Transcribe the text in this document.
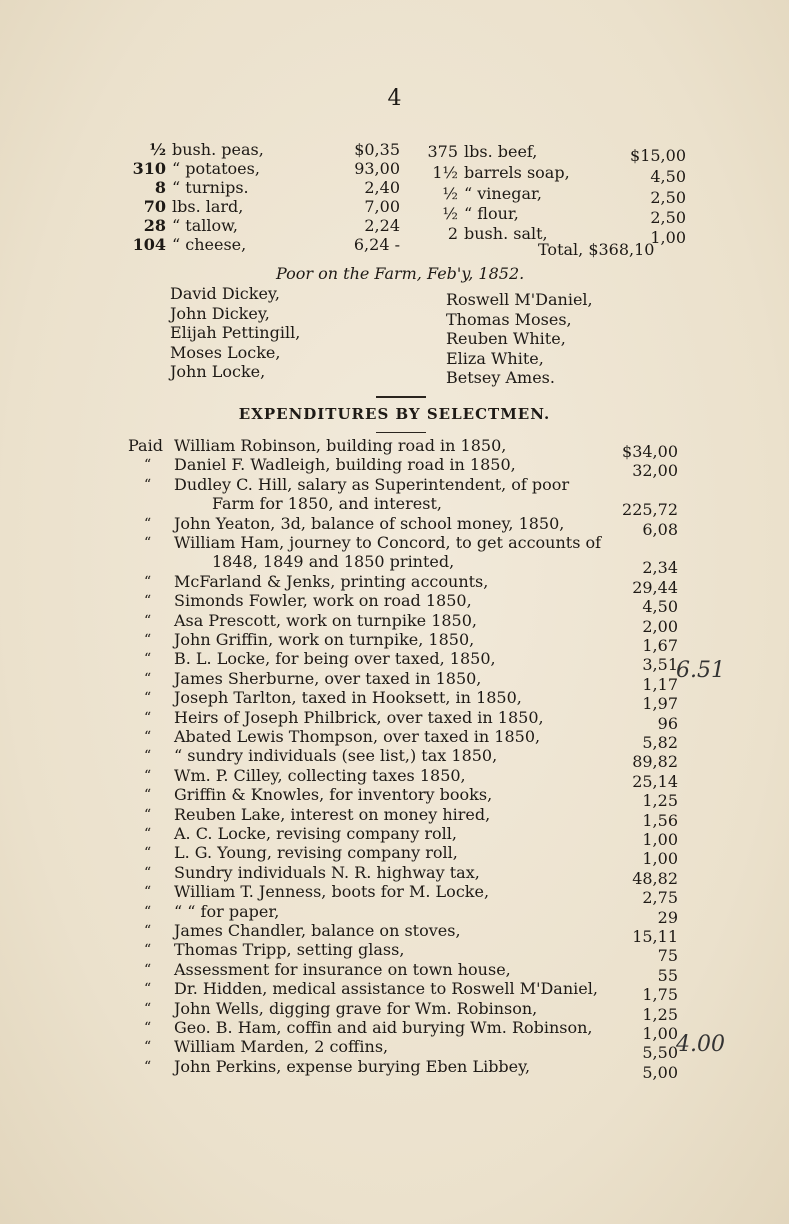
4
½ bush. peas,	$0,35
310 “ potatoes,	93,00
8 “ turnips.	2,40
70 lbs. lard,	7,00
28 “ tallow,	2,24
104 “ cheese,	6,24 -
375 lbs. beef,	$15,00
1½ barrels soap,	4,50
½ “ vinegar,	2,50
½ “ flour,	2,50
2 bush. salt,	1,00
Total, $368,10
Poor on the Farm, Feb'y, 1852.
David Dickey,
John Dickey,
Elijah Pettingill,
Moses Locke,
John Locke,
Roswell M'Daniel,
Thomas Moses,
Reuben White,
Eliza White,
Betsey Ames.
EXPENDITURES BY SELECTMEN.
Paid William Robinson, building road in 1850,	$34,00
“ Daniel F. Wadleigh, building road in 1850,	32,00
“ Dudley C. Hill, salary as Superintendent, of poor
Farm for 1850, and interest,	225,72
“ John Yeaton, 3d, balance of school money, 1850,	6,08
“ William Ham, journey to Concord, to get accounts of
1848, 1849 and 1850 printed,	2,34
“ McFarland & Jenks, printing accounts,	29,44
“ Simonds Fowler, work on road 1850,	4,50
“ Asa Prescott, work on turnpike 1850,	2,00
“ John Griffin, work on turnpike, 1850,	1,67
“ B. L. Locke, for being over taxed, 1850,	3,51
“ James Sherburne, over taxed in 1850,	1,17
“ Joseph Tarlton, taxed in Hooksett, in 1850,	1,97
“ Heirs of Joseph Philbrick, over taxed in 1850,	96
“ Abated Lewis Thompson, over taxed in 1850,	5,82
“ “ sundry individuals (see list,) tax 1850,	89,82
“ Wm. P. Cilley, collecting taxes 1850,	25,14
“ Griffin & Knowles, for inventory books,	1,25
“ Reuben Lake, interest on money hired,	1,56
“ A. C. Locke, revising company roll,	1,00
“ L. G. Young, revising company roll,	1,00
“ Sundry individuals N. R. highway tax,	48,82
“ William T. Jenness, boots for M. Locke,	2,75
“ “ “ for paper,	29
“ James Chandler, balance on stoves,	15,11
“ Thomas Tripp, setting glass,	75
“ Assessment for insurance on town house,	55
“ Dr. Hidden, medical assistance to Roswell M'Daniel,	1,75
“ John Wells, digging grave for Wm. Robinson,	1,25
“ Geo. B. Ham, coffin and aid burying Wm. Robinson,	1,00
“ William Marden, 2 coffins,	5,50
“ John Perkins, expense burying Eben Libbey,	5,00
6.51
4.00
